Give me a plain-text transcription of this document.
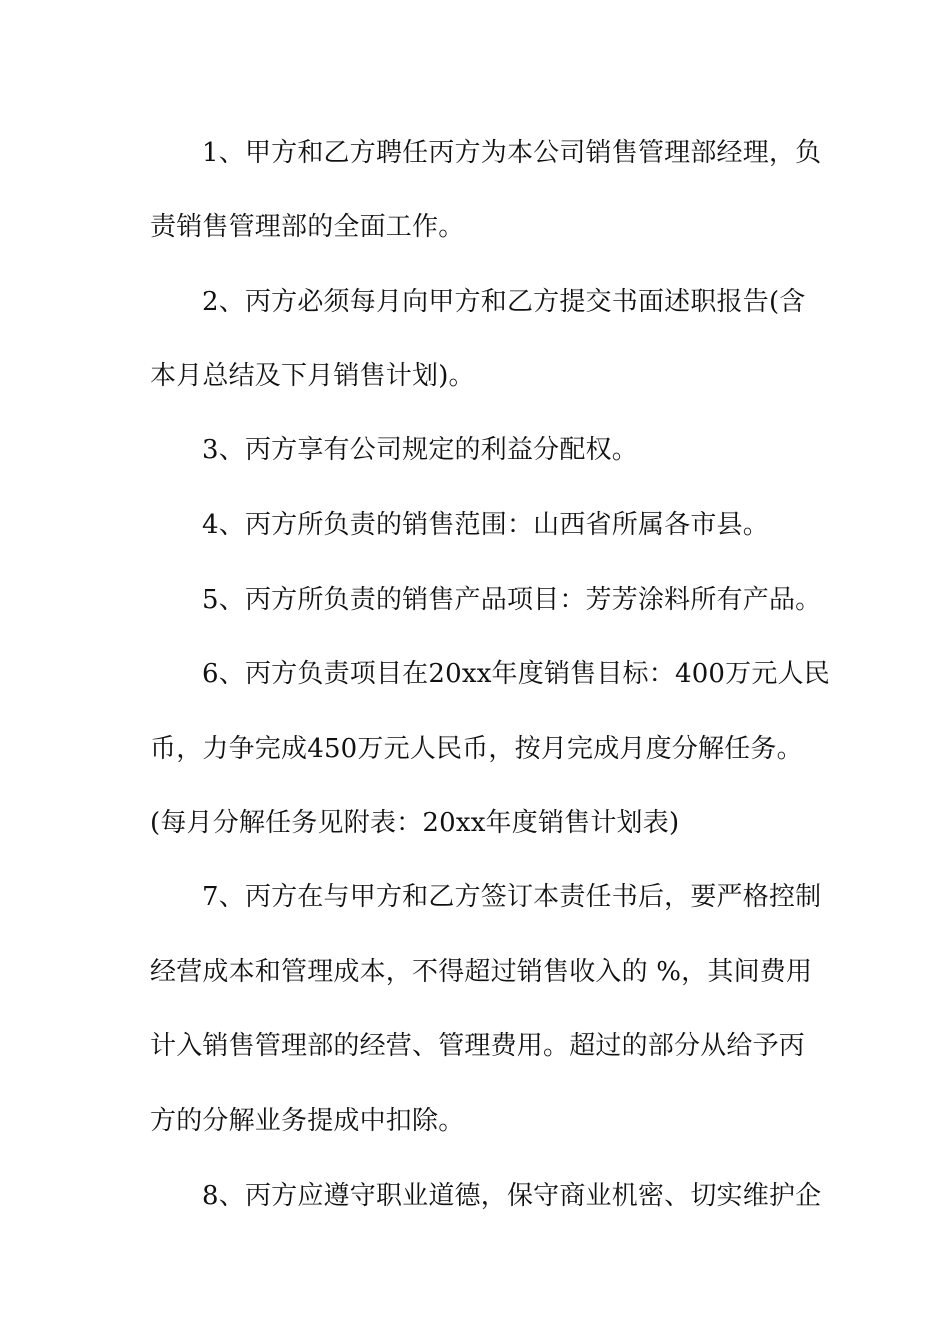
1、甲方和乙方聘任丙方为本公司销售管理部经理，负
责销售管理部的全面工作。
2、丙方必须每月向甲方和乙方提交书面述职报告(含
本月总结及下月销售计划)。
3、丙方享有公司规定的利益分配权。
4、丙方所负责的销售范围：山西省所属各市县。
5、丙方所负责的销售产品项目：芳芳涂料所有产品。
6、丙方负责项目在20xx年度销售目标：400万元人民
币，力争完成450万元人民币，按月完成月度分解任务。
(每月分解任务见附表：20xx年度销售计划表)
7、丙方在与甲方和乙方签订本责任书后，要严格控制
经营成本和管理成本，不得超过销售收入的 %，其间费用
计入销售管理部的经营、管理费用。超过的部分从给予丙
方的分解业务提成中扣除。
8、丙方应遵守职业道德，保守商业机密、切实维护企
